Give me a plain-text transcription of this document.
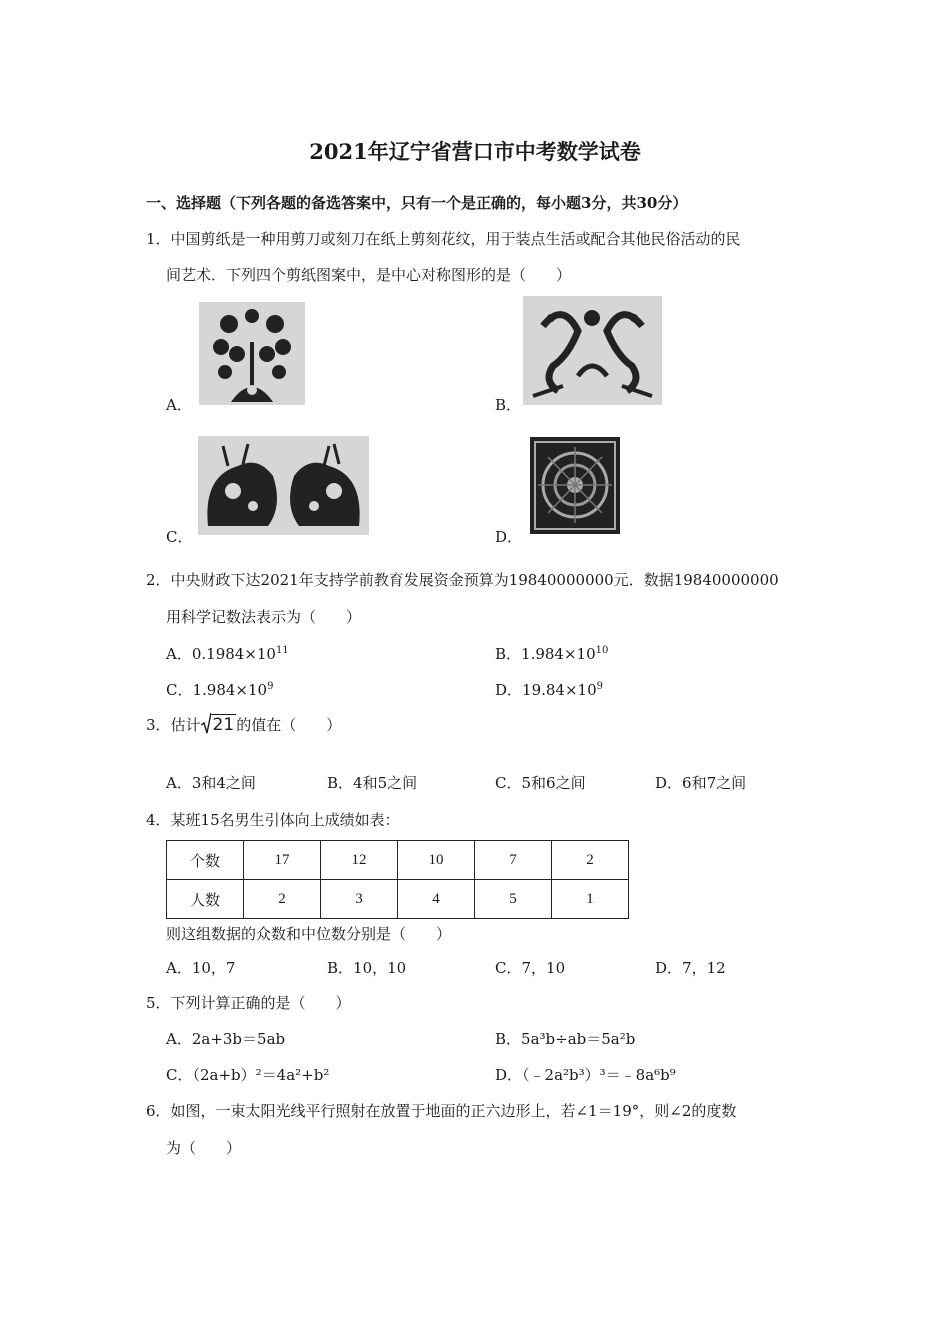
2021年辽宁省营口市中考数学试卷
一、选择题（下列各题的备选答案中，只有一个是正确的，每小题3分，共30分）
1．中国剪纸是一种用剪刀或刻刀在纸上剪刻花纹，用于装点生活或配合其他民俗活动的民
间艺术．下列四个剪纸图案中，是中心对称图形的是（　　）
A．	B．
C．	D．
2．中央财政下达2021年支持学前教育发展资金预算为19840000000元．数据19840000000
用科学记数法表示为（　　）
A．$0.1984\times 10^{11}$	B．$1.984\times 10^{10}$
C．$1.984\times 10^9$	D．$19.84\times 10^9$
3．估计 21 的值在（　　）
A．3和4之间	B．4和5之间	C．5和6之间	D．6和7之间
4．某班15名男生引体向上成绩如表：
个数	17	12	10	7	2
人数	2	3	4	5	1
则这组数据的众数和中位数分别是（　　）
A．10，7	B．10，10	C．7，10	D．7，12
5．下列计算正确的是（　　）
A．2a+3b＝5ab	B．5a³b÷ab＝5a²b
C．（2a+b）²＝4a²+b²	D．（﹣2a²b³）³＝﹣8a⁶b⁹
6．如图，一束太阳光线平行照射在放置于地面的正六边形上，若∠1＝19°，则∠2的度数
为（　　）
